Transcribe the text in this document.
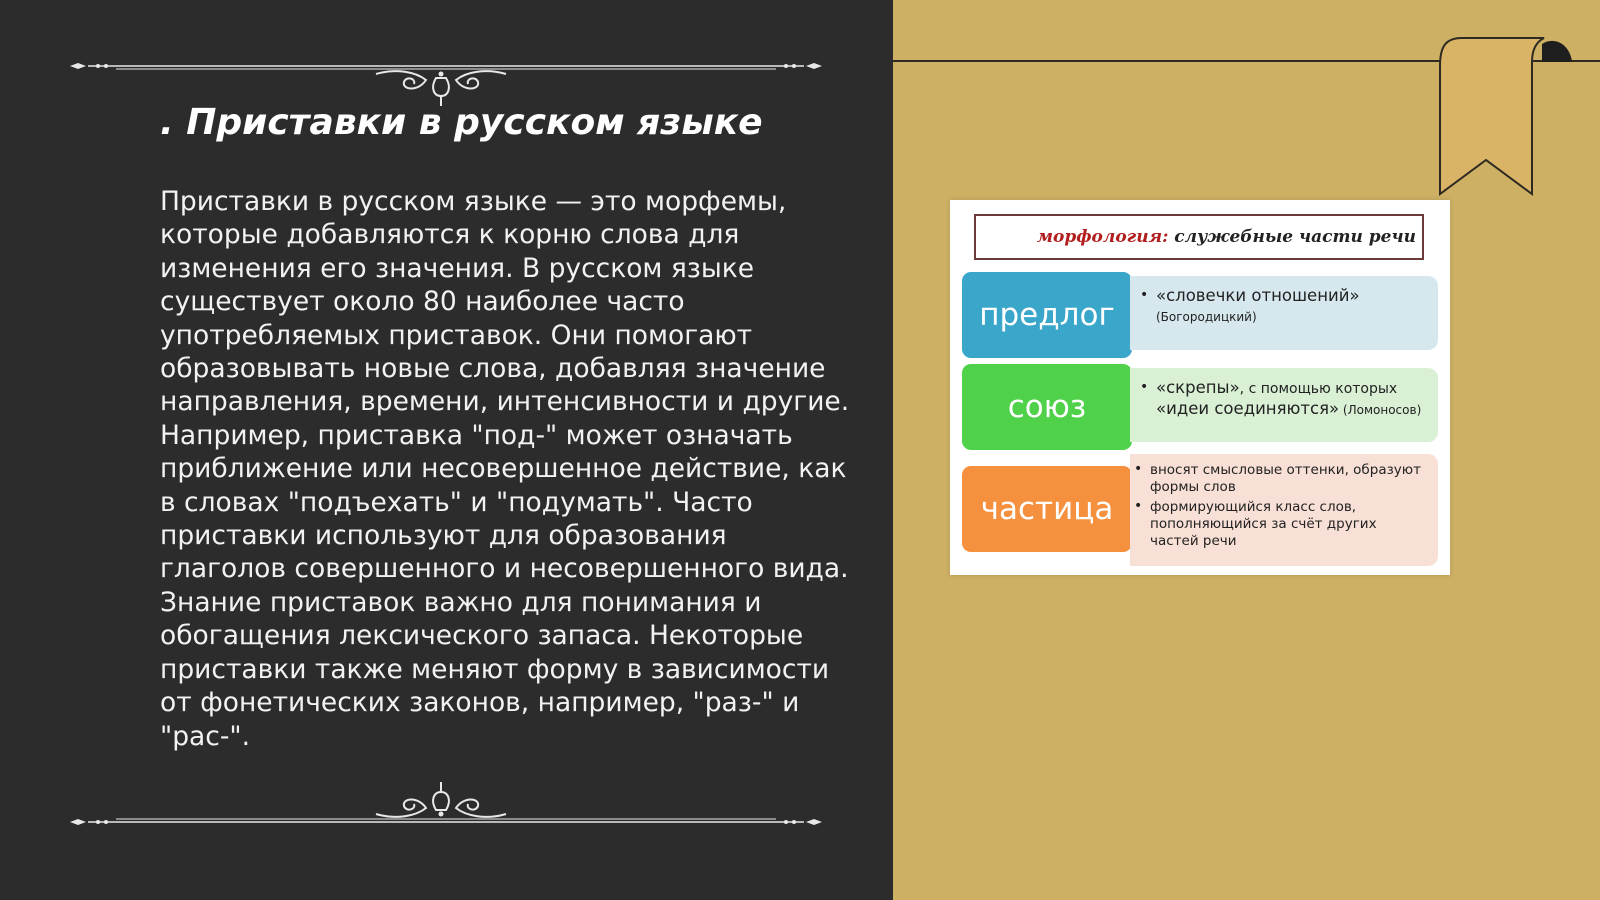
. Приставки в русском языке

Приставки в русском языке — это морфемы, которые добавляются к корню слова для изменения его значения. В русском языке существует около 80 наиболее часто употребляемых приставок. Они помогают образовывать новые слова, добавляя значение направления, времени, интенсивности и другие. Например, приставка "под-" может означать приближение или несовершенное действие, как в словах "подъехать" и "подумать". Часто приставки используют для образования глаголов совершенного и несовершенного вида. Знание приставок важно для понимания и обогащения лексического запаса. Некоторые приставки также меняют форму в зависимости от фонетических законов, например, "раз-" и "рас-".

морфология: служебные части речи
предлог
• «словечки отношений»
(Богородицкий)
союз
• «скрепы», с помощью которых
«идеи соединяются» (Ломоносов)
частица
• вносят смысловые оттенки, образуют формы слов
• формирующийся класс слов, пополняющийся за счёт других частей речи
